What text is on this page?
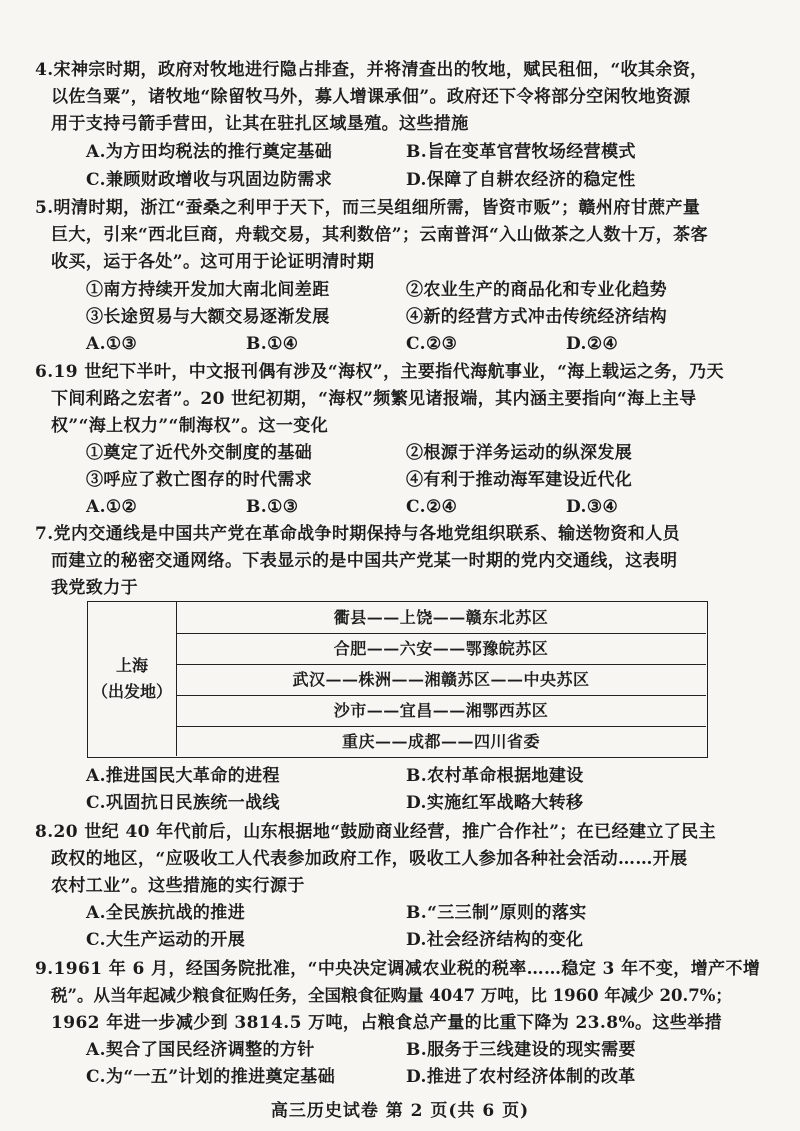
4.宋神宗时期，政府对牧地进行隐占排查，并将清查出的牧地，赋民租佃，“收其余资，
以佐刍粟”，诸牧地“除留牧马外，募人增课承佃”。政府还下令将部分空闲牧地资源
用于支持弓箭手营田，让其在驻扎区域垦殖。这些措施
A.为方田均税法的推行奠定基础	B.旨在变革官营牧场经营模式
C.兼顾财政增收与巩固边防需求	D.保障了自耕农经济的稳定性
5.明清时期，浙江“蚕桑之利甲于天下，而三吴组细所需，皆资市贩”；赣州府甘蔗产量
巨大，引来“西北巨商，舟载交易，其利数倍”；云南普洱“入山做茶之人数十万，茶客
收买，运于各处”。这可用于论证明清时期
①南方持续开发加大南北间差距	②农业生产的商品化和专业化趋势
③长途贸易与大额交易逐渐发展	④新的经营方式冲击传统经济结构
A.①③	B.①④	C.②③	D.②④
6.19 世纪下半叶，中文报刊偶有涉及“海权”，主要指代海航事业，“海上载运之务，乃天
下间利路之宏者”。20 世纪初期，“海权”频繁见诸报端，其内涵主要指向“海上主导
权”“海上权力”“制海权”。这一变化
①奠定了近代外交制度的基础	②根源于洋务运动的纵深发展
③呼应了救亡图存的时代需求	④有利于推动海军建设近代化
A.①②	B.①③	C.②④	D.③④
7.党内交通线是中国共产党在革命战争时期保持与各地党组织联系、输送物资和人员
而建立的秘密交通网络。下表显示的是中国共产党某一时期的党内交通线，这表明
我党致力于
上海
（出发地）
衢县——上饶——赣东北苏区
合肥——六安——鄂豫皖苏区
武汉——株洲——湘赣苏区——中央苏区
沙市——宜昌——湘鄂西苏区
重庆——成都——四川省委
A.推进国民大革命的进程	B.农村革命根据地建设
C.巩固抗日民族统一战线	D.实施红军战略大转移
8.20 世纪 40 年代前后，山东根据地“鼓励商业经营，推广合作社”；在已经建立了民主
政权的地区，“应吸收工人代表参加政府工作，吸收工人参加各种社会活动……开展
农村工业”。这些措施的实行源于
A.全民族抗战的推进	B.“三三制”原则的落实
C.大生产运动的开展	D.社会经济结构的变化
9.1961 年 6 月，经国务院批准，“中央决定调减农业税的税率……稳定 3 年不变，增产不增
税”。从当年起减少粮食征购任务，全国粮食征购量 4047 万吨，比 1960 年减少 20.7%；
1962 年进一步减少到 3814.5 万吨，占粮食总产量的比重下降为 23.8%。这些举措
A.契合了国民经济调整的方针	B.服务于三线建设的现实需要
C.为“一五”计划的推进奠定基础	D.推进了农村经济体制的改革
高三历史试卷 第 2 页(共 6 页)
